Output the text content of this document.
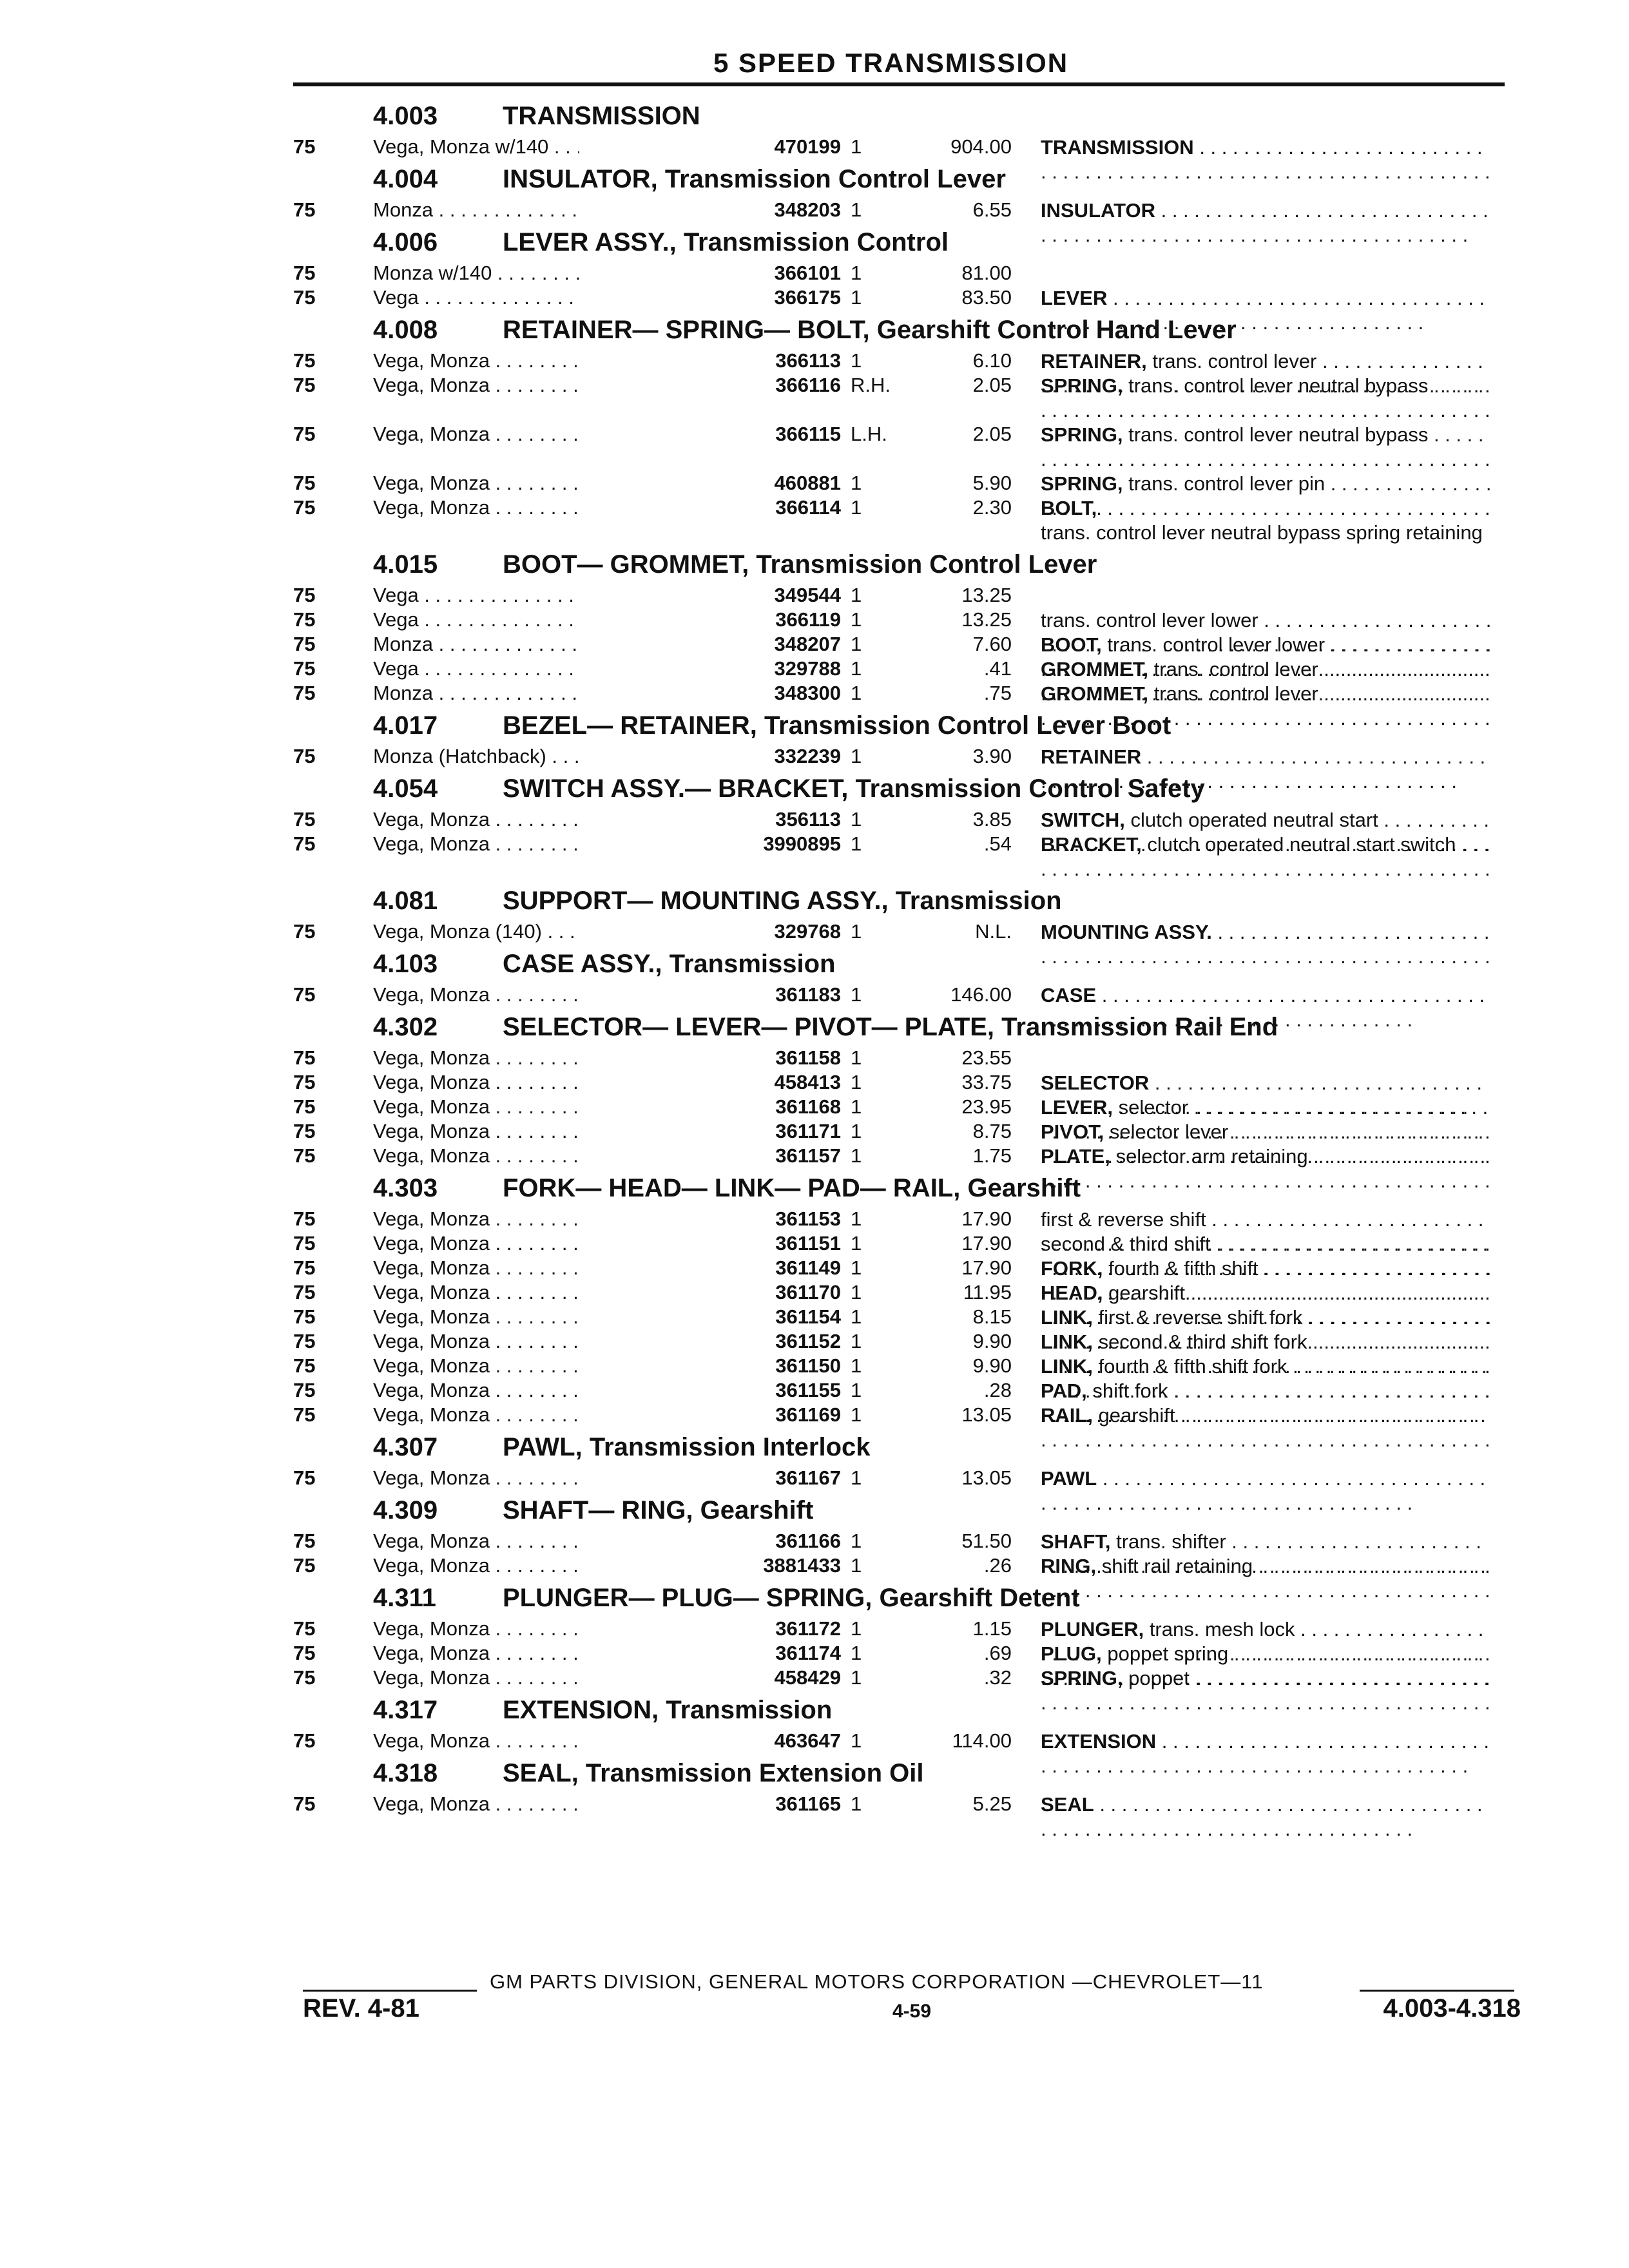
5 SPEED TRANSMISSION
4.003	TRANSMISSION
75	Vega, Monza w/140 . . .	470199 1	904.00 TRANSMISSION . . .
4.004	INSULATOR, Transmission Control Lever
75	Monza . . .	348203 1	6.55 INSULATOR . . .
4.006	LEVER ASSY., Transmission Control
75	Monza w/140 . . .	366101 1	81.00
75	Vega . . .	366175 1	83.50 LEVER . . .
4.008	RETAINER— SPRING— BOLT, Gearshift Control Hand Lever
75	Vega, Monza . . .	366113 1	6.10 RETAINER, trans. control lever . . .
75	Vega, Monza . . .	366116 R.H.	2.05 SPRING, trans. control lever neutral bypass . . .
75	Vega, Monza . . .	366115 L.H.	2.05 SPRING, trans. control lever neutral bypass . . .
75	Vega, Monza . . .	460881 1	5.90 SPRING, trans. control lever pin . . .
75	Vega, Monza . . .	366114 1	2.30 BOLT, trans. control lever neutral bypass spring retaining . . .
4.015	BOOT— GROMMET, Transmission Control Lever
75	Vega . . .	349544 1	13.25
75	Vega . . .	366119 1	13.25 trans. control lever lower . . .
75	Monza . . .	348207 1	7.60 BOOT, trans. control lever lower . . .
75	Vega . . .	329788 1	.41 GROMMET, trans. control lever . . .
75	Monza . . .	348300 1	.75 GROMMET, trans. control lever . . .
4.017	BEZEL— RETAINER, Transmission Control Lever Boot
75	Monza (Hatchback) . . .	332239 1	3.90 RETAINER . . .
4.054	SWITCH ASSY.— BRACKET, Transmission Control Safety
75	Vega, Monza . . .	356113 1	3.85 SWITCH, clutch operated neutral start . . .
75	Vega, Monza . . .	3990895 1	.54 BRACKET, clutch operated neutral start switch . . .
4.081	SUPPORT— MOUNTING ASSY., Transmission
75	Vega, Monza (140) . . .	329768 1	N.L. MOUNTING ASSY. . . .
4.103	CASE ASSY., Transmission
75	Vega, Monza . . .	361183 1	146.00 CASE . . .
4.302	SELECTOR— LEVER— PIVOT— PLATE, Transmission Rail End
75	Vega, Monza . . .	361158 1	23.55
75	Vega, Monza . . .	458413 1	33.75 SELECTOR . . .
75	Vega, Monza . . .	361168 1	23.95 LEVER, selector . . .
75	Vega, Monza . . .	361171 1	8.75 PIVOT, selector lever . . .
75	Vega, Monza . . .	361157 1	1.75 PLATE, selector arm retaining . . .
4.303	FORK— HEAD— LINK— PAD— RAIL, Gearshift
75	Vega, Monza . . .	361153 1	17.90 first & reverse shift . . .
75	Vega, Monza . . .	361151 1	17.90 second & third shift . . .
75	Vega, Monza . . .	361149 1	17.90 FORK, fourth & fifth shift . . .
75	Vega, Monza . . .	361170 1	11.95 HEAD, gearshift . . .
75	Vega, Monza . . .	361154 1	8.15 LINK, first & reverse shift fork . . .
75	Vega, Monza . . .	361152 1	9.90 LINK, second & third shift fork . . .
75	Vega, Monza . . .	361150 1	9.90 LINK, fourth & fifth shift fork . . .
75	Vega, Monza . . .	361155 1	.28 PAD, shift fork . . .
75	Vega, Monza . . .	361169 1	13.05 RAIL, gearshift . . .
4.307	PAWL, Transmission Interlock
75	Vega, Monza . . .	361167 1	13.05 PAWL . . .
4.309	SHAFT— RING, Gearshift
75	Vega, Monza . . .	361166 1	51.50 SHAFT, trans. shifter . . .
75	Vega, Monza . . .	3881433 1	.26 RING, shift rail retaining . . .
4.311	PLUNGER— PLUG— SPRING, Gearshift Detent
75	Vega, Monza . . .	361172 1	1.15 PLUNGER, trans. mesh lock . . .
75	Vega, Monza . . .	361174 1	.69 PLUG, poppet spring . . .
75	Vega, Monza . . .	458429 1	.32 SPRING, poppet . . .
4.317	EXTENSION, Transmission
75	Vega, Monza . . .	463647 1	114.00 EXTENSION . . .
4.318	SEAL, Transmission Extension Oil
75	Vega, Monza . . .	361165 1	5.25 SEAL . . .
GM PARTS DIVISION, GENERAL MOTORS CORPORATION —CHEVROLET—11
REV. 4-81	4-59	4.003-4.318
